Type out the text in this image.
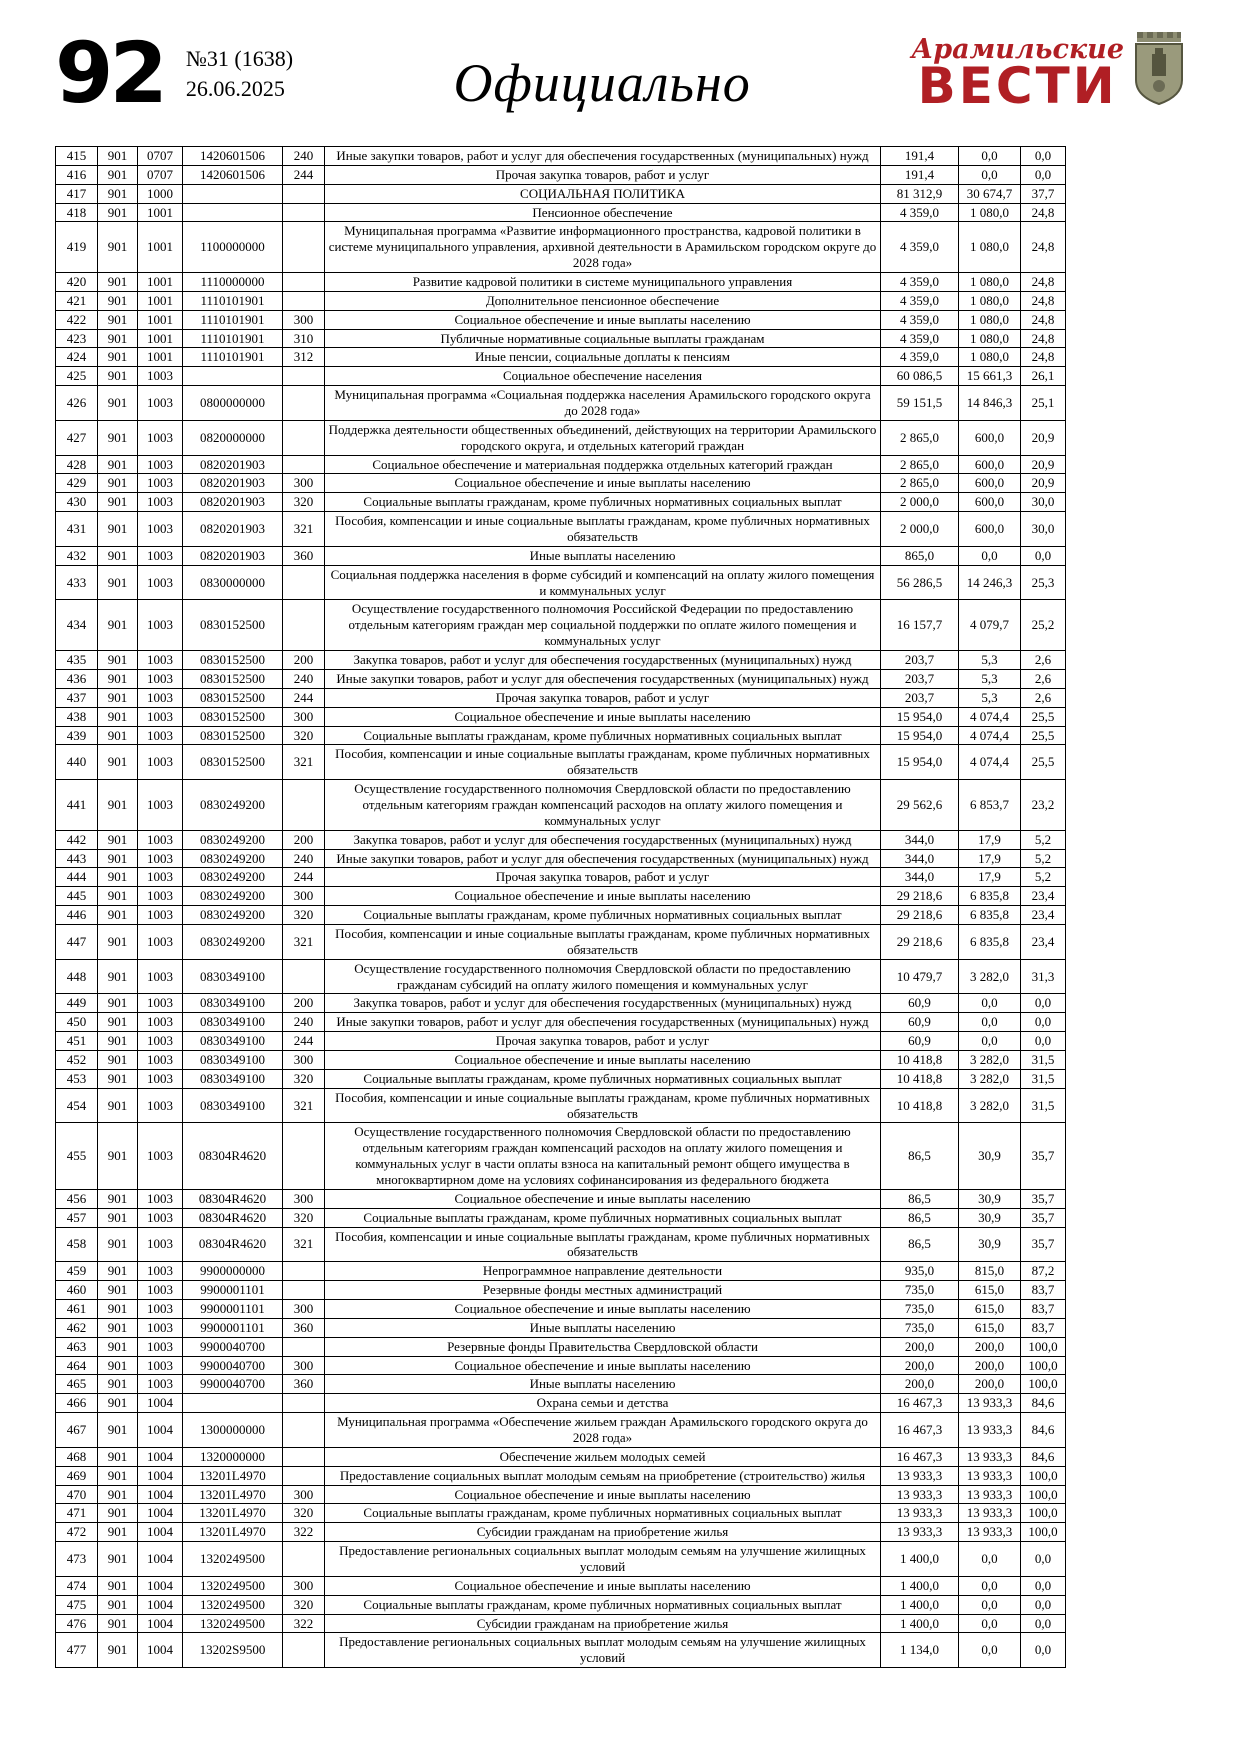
92 №31 (1638)
26.06.2025	Официально
Арамильские
ВЕСТИ
415	901	0707	1420601506	240	Иные закупки товаров, работ и услуг для обеспечения государственных (муниципальных) нужд	191,4	0,0	0,0
416	901	0707	1420601506	244	Прочая закупка товаров, работ и услуг	191,4	0,0	0,0
417	901	1000			СОЦИАЛЬНАЯ ПОЛИТИКА	81 312,9	30 674,7	37,7
418	901	1001			Пенсионное обеспечение	4 359,0	1 080,0	24,8
419	901	1001	1100000000		Муниципальная программа «Развитие информационного пространства, кадровой политики в системе муниципального управления, архивной деятельности в Арамильском городском округе до 2028 года»	4 359,0	1 080,0	24,8
420	901	1001	1110000000		Развитие кадровой политики в системе муниципального управления	4 359,0	1 080,0	24,8
421	901	1001	1110101901		Дополнительное пенсионное обеспечение	4 359,0	1 080,0	24,8
422	901	1001	1110101901	300	Социальное обеспечение и иные выплаты населению	4 359,0	1 080,0	24,8
423	901	1001	1110101901	310	Публичные нормативные социальные выплаты гражданам	4 359,0	1 080,0	24,8
424	901	1001	1110101901	312	Иные пенсии, социальные доплаты к пенсиям	4 359,0	1 080,0	24,8
425	901	1003			Социальное обеспечение населения	60 086,5	15 661,3	26,1
426	901	1003	0800000000		Муниципальная программа «Социальная поддержка населения Арамильского городского округа до 2028 года»	59 151,5	14 846,3	25,1
427	901	1003	0820000000		Поддержка деятельности общественных объединений, действующих на территории Арамильского городского округа, и отдельных категорий граждан	2 865,0	600,0	20,9
428	901	1003	0820201903		Социальное обеспечение и материальная поддержка отдельных категорий граждан	2 865,0	600,0	20,9
429	901	1003	0820201903	300	Социальное обеспечение и иные выплаты населению	2 865,0	600,0	20,9
430	901	1003	0820201903	320	Социальные выплаты гражданам, кроме публичных нормативных социальных выплат	2 000,0	600,0	30,0
431	901	1003	0820201903	321	Пособия, компенсации и иные социальные выплаты гражданам, кроме публичных нормативных обязательств	2 000,0	600,0	30,0
432	901	1003	0820201903	360	Иные выплаты населению	865,0	0,0	0,0
433	901	1003	0830000000		Социальная поддержка населения в форме субсидий и компенсаций на оплату жилого помещения и коммунальных услуг	56 286,5	14 246,3	25,3
434	901	1003	0830152500		Осуществление государственного полномочия Российской Федерации по предоставлению отдельным категориям граждан мер социальной поддержки по оплате жилого помещения и коммунальных услуг	16 157,7	4 079,7	25,2
435	901	1003	0830152500	200	Закупка товаров, работ и услуг для обеспечения государственных (муниципальных) нужд	203,7	5,3	2,6
436	901	1003	0830152500	240	Иные закупки товаров, работ и услуг для обеспечения государственных (муниципальных) нужд	203,7	5,3	2,6
437	901	1003	0830152500	244	Прочая закупка товаров, работ и услуг	203,7	5,3	2,6
438	901	1003	0830152500	300	Социальное обеспечение и иные выплаты населению	15 954,0	4 074,4	25,5
439	901	1003	0830152500	320	Социальные выплаты гражданам, кроме публичных нормативных социальных выплат	15 954,0	4 074,4	25,5
440	901	1003	0830152500	321	Пособия, компенсации и иные социальные выплаты гражданам, кроме публичных нормативных обязательств	15 954,0	4 074,4	25,5
441	901	1003	0830249200		Осуществление государственного полномочия Свердловской области по предоставлению отдельным категориям граждан компенсаций расходов на оплату жилого помещения и коммунальных услуг	29 562,6	6 853,7	23,2
442	901	1003	0830249200	200	Закупка товаров, работ и услуг для обеспечения государственных (муниципальных) нужд	344,0	17,9	5,2
443	901	1003	0830249200	240	Иные закупки товаров, работ и услуг для обеспечения государственных (муниципальных) нужд	344,0	17,9	5,2
444	901	1003	0830249200	244	Прочая закупка товаров, работ и услуг	344,0	17,9	5,2
445	901	1003	0830249200	300	Социальное обеспечение и иные выплаты населению	29 218,6	6 835,8	23,4
446	901	1003	0830249200	320	Социальные выплаты гражданам, кроме публичных нормативных социальных выплат	29 218,6	6 835,8	23,4
447	901	1003	0830249200	321	Пособия, компенсации и иные социальные выплаты гражданам, кроме публичных нормативных обязательств	29 218,6	6 835,8	23,4
448	901	1003	0830349100		Осуществление государственного полномочия Свердловской области по предоставлению гражданам субсидий на оплату жилого помещения и коммунальных услуг	10 479,7	3 282,0	31,3
449	901	1003	0830349100	200	Закупка товаров, работ и услуг для обеспечения государственных (муниципальных) нужд	60,9	0,0	0,0
450	901	1003	0830349100	240	Иные закупки товаров, работ и услуг для обеспечения государственных (муниципальных) нужд	60,9	0,0	0,0
451	901	1003	0830349100	244	Прочая закупка товаров, работ и услуг	60,9	0,0	0,0
452	901	1003	0830349100	300	Социальное обеспечение и иные выплаты населению	10 418,8	3 282,0	31,5
453	901	1003	0830349100	320	Социальные выплаты гражданам, кроме публичных нормативных социальных выплат	10 418,8	3 282,0	31,5
454	901	1003	0830349100	321	Пособия, компенсации и иные социальные выплаты гражданам, кроме публичных нормативных обязательств	10 418,8	3 282,0	31,5
455	901	1003	08304R4620		Осуществление государственного полномочия Свердловской области по предоставлению отдельным категориям граждан компенсаций расходов на оплату жилого помещения и коммунальных услуг в части оплаты взноса на капитальный ремонт общего имущества в многоквартирном доме на условиях софинансирования из федерального бюджета	86,5	30,9	35,7
456	901	1003	08304R4620	300	Социальное обеспечение и иные выплаты населению	86,5	30,9	35,7
457	901	1003	08304R4620	320	Социальные выплаты гражданам, кроме публичных нормативных социальных выплат	86,5	30,9	35,7
458	901	1003	08304R4620	321	Пособия, компенсации и иные социальные выплаты гражданам, кроме публичных нормативных обязательств	86,5	30,9	35,7
459	901	1003	9900000000		Непрограммное направление деятельности	935,0	815,0	87,2
460	901	1003	9900001101		Резервные фонды местных администраций	735,0	615,0	83,7
461	901	1003	9900001101	300	Социальное обеспечение и иные выплаты населению	735,0	615,0	83,7
462	901	1003	9900001101	360	Иные выплаты населению	735,0	615,0	83,7
463	901	1003	9900040700		Резервные фонды Правительства Свердловской области	200,0	200,0	100,0
464	901	1003	9900040700	300	Социальное обеспечение и иные выплаты населению	200,0	200,0	100,0
465	901	1003	9900040700	360	Иные выплаты населению	200,0	200,0	100,0
466	901	1004			Охрана семьи и детства	16 467,3	13 933,3	84,6
467	901	1004	1300000000		Муниципальная программа «Обеспечение жильем граждан Арамильского городского округа до 2028 года»	16 467,3	13 933,3	84,6
468	901	1004	1320000000		Обеспечение жильем молодых семей	16 467,3	13 933,3	84,6
469	901	1004	13201L4970		Предоставление социальных выплат молодым семьям на приобретение (строительство) жилья	13 933,3	13 933,3	100,0
470	901	1004	13201L4970	300	Социальное обеспечение и иные выплаты населению	13 933,3	13 933,3	100,0
471	901	1004	13201L4970	320	Социальные выплаты гражданам, кроме публичных нормативных социальных выплат	13 933,3	13 933,3	100,0
472	901	1004	13201L4970	322	Субсидии гражданам на приобретение жилья	13 933,3	13 933,3	100,0
473	901	1004	1320249500		Предоставление региональных социальных выплат молодым семьям на улучшение жилищных условий	1 400,0	0,0	0,0
474	901	1004	1320249500	300	Социальное обеспечение и иные выплаты населению	1 400,0	0,0	0,0
475	901	1004	1320249500	320	Социальные выплаты гражданам, кроме публичных нормативных социальных выплат	1 400,0	0,0	0,0
476	901	1004	1320249500	322	Субсидии гражданам на приобретение жилья	1 400,0	0,0	0,0
477	901	1004	13202S9500		Предоставление региональных социальных выплат молодым семьям на улучшение жилищных условий	1 134,0	0,0	0,0
